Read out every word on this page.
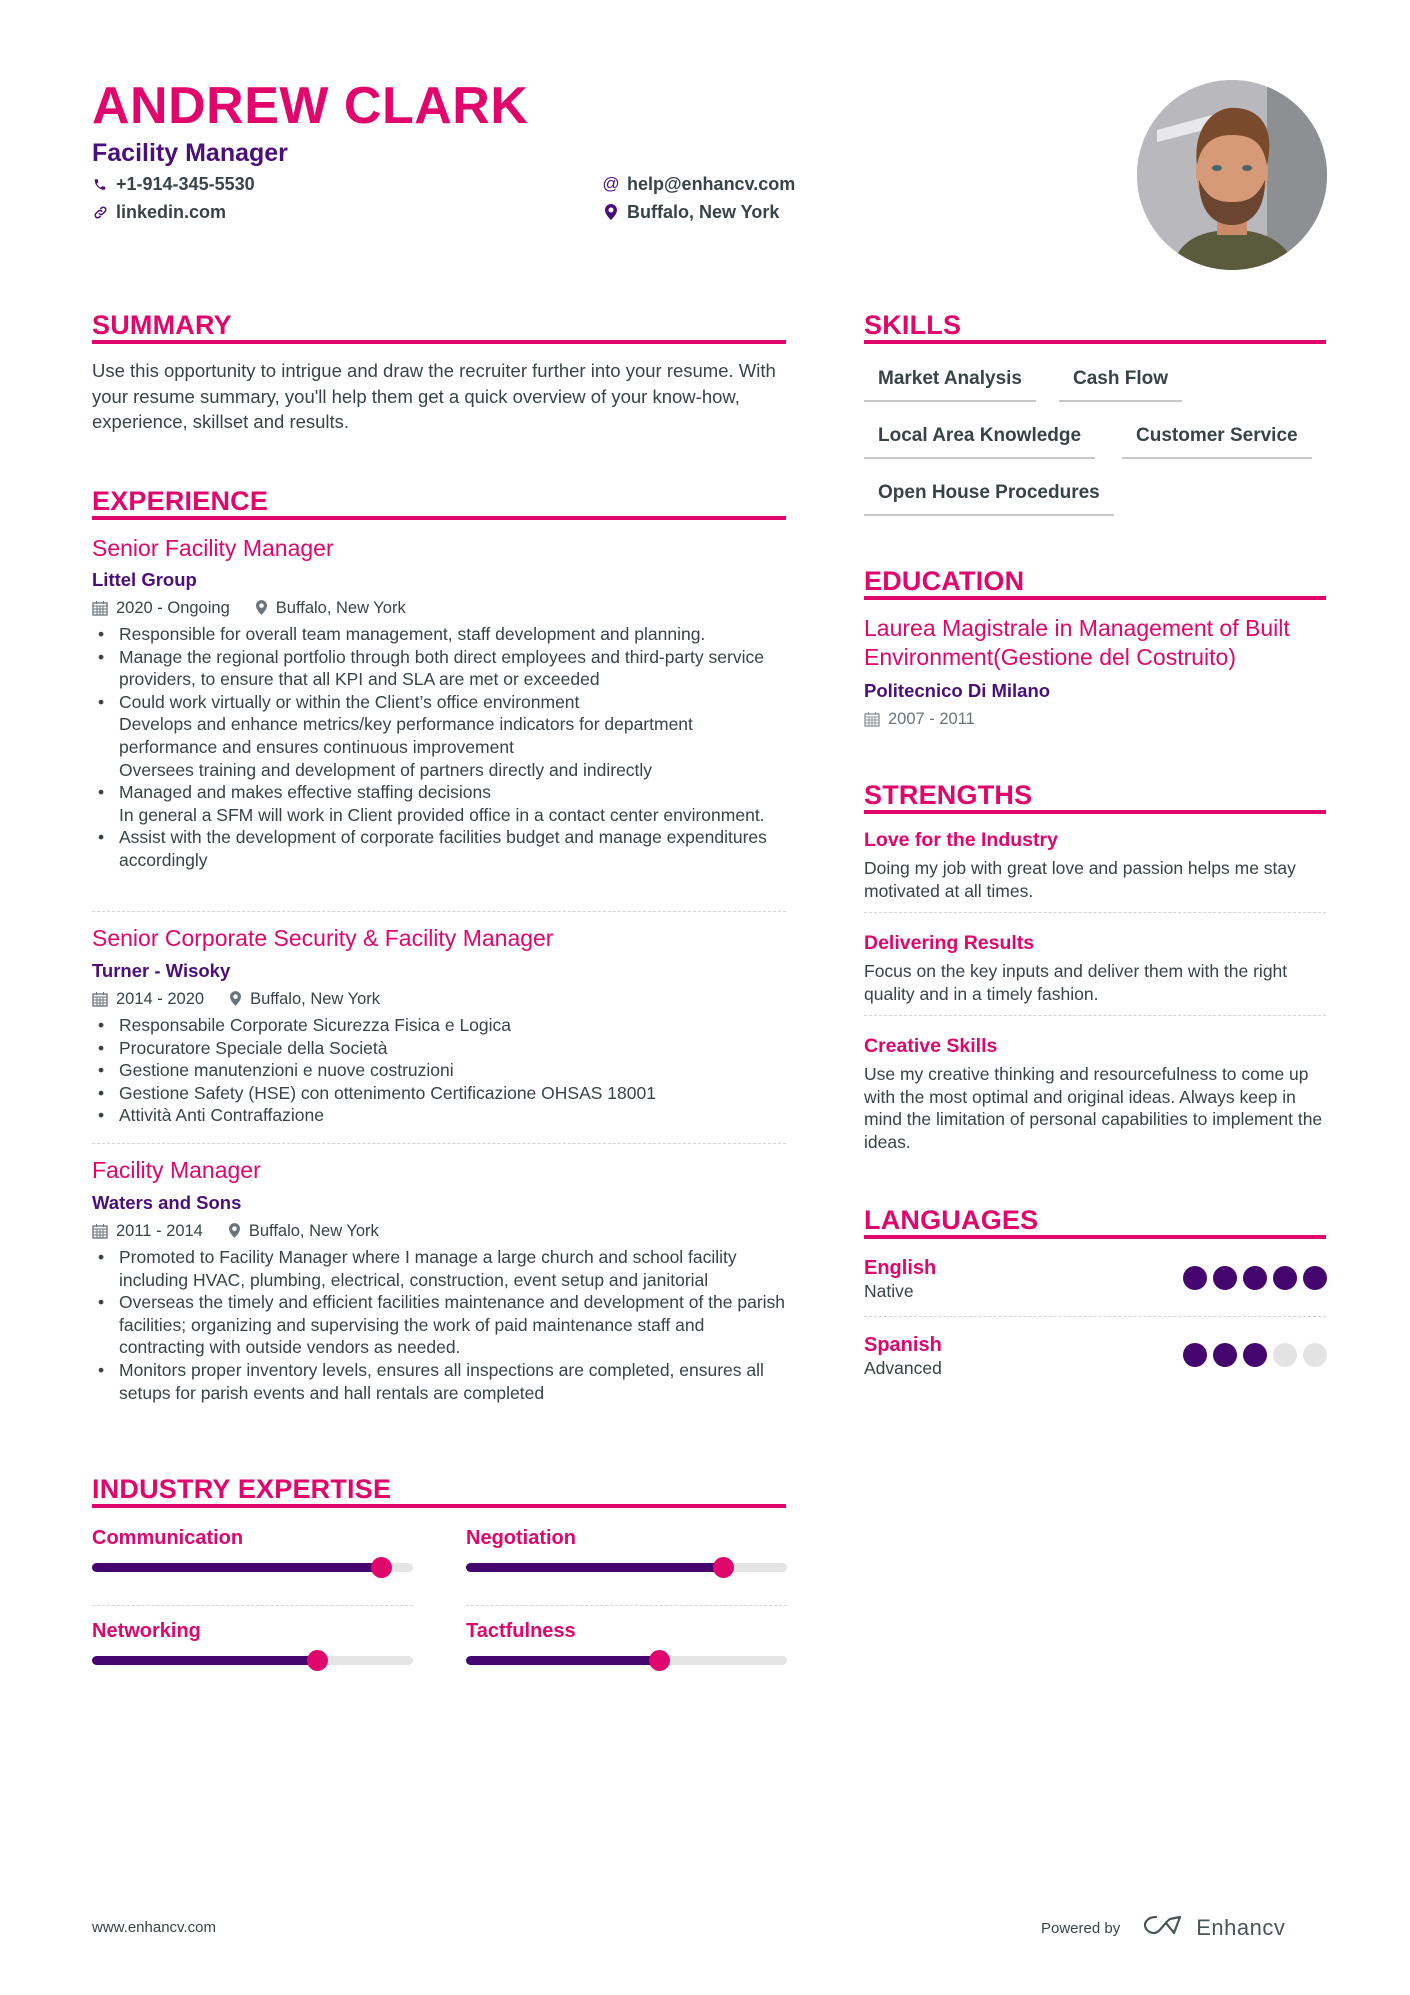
ANDREW CLARK
Facility Manager
+1-914-345-5530
linkedin.com
@ help@enhancv.com
Buffalo, New York
SUMMARY
Use this opportunity to intrigue and draw the recruiter further into your resume. With your resume summary, you'll help them get a quick overview of your know-how, experience, skillset and results.
EXPERIENCE
Senior Facility Manager
Littel Group
2020 - Ongoing	Buffalo, New York
• Responsible for overall team management, staff development and planning.
• Manage the regional portfolio through both direct employees and third-party service providers, to ensure that all KPI and SLA are met or exceeded
• Could work virtually or within the Client’s office environment
Develops and enhance metrics/key performance indicators for department performance and ensures continuous improvement
Oversees training and development of partners directly and indirectly
• Managed and makes effective staffing decisions
In general a SFM will work in Client provided office in a contact center environment.
• Assist with the development of corporate facilities budget and manage expenditures accordingly
Senior Corporate Security & Facility Manager
Turner - Wisoky
2014 - 2020	Buffalo, New York
• Responsabile Corporate Sicurezza Fisica e Logica
• Procuratore Speciale della Società
• Gestione manutenzioni e nuove costruzioni
• Gestione Safety (HSE) con ottenimento Certificazione OHSAS 18001
• Attività Anti Contraffazione
Facility Manager
Waters and Sons
2011 - 2014	Buffalo, New York
• Promoted to Facility Manager where I manage a large church and school facility including HVAC, plumbing, electrical, construction, event setup and janitorial
• Overseas the timely and efficient facilities maintenance and development of the parish facilities; organizing and supervising the work of paid maintenance staff and contracting with outside vendors as needed.
• Monitors proper inventory levels, ensures all inspections are completed, ensures all setups for parish events and hall rentals are completed
INDUSTRY EXPERTISE
Communication	Negotiation
Networking	Tactfulness
SKILLS
Market Analysis	Cash Flow
Local Area Knowledge	Customer Service
Open House Procedures
EDUCATION
Laurea Magistrale in Management of Built Environment(Gestione del Costruito)
Politecnico Di Milano
2007 - 2011
STRENGTHS
Love for the Industry
Doing my job with great love and passion helps me stay motivated at all times.
Delivering Results
Focus on the key inputs and deliver them with the right quality and in a timely fashion.
Creative Skills
Use my creative thinking and resourcefulness to come up with the most optimal and original ideas. Always keep in mind the limitation of personal capabilities to implement the ideas.
LANGUAGES
English
Native
Spanish
Advanced
www.enhancv.com	Powered by	Enhancv
